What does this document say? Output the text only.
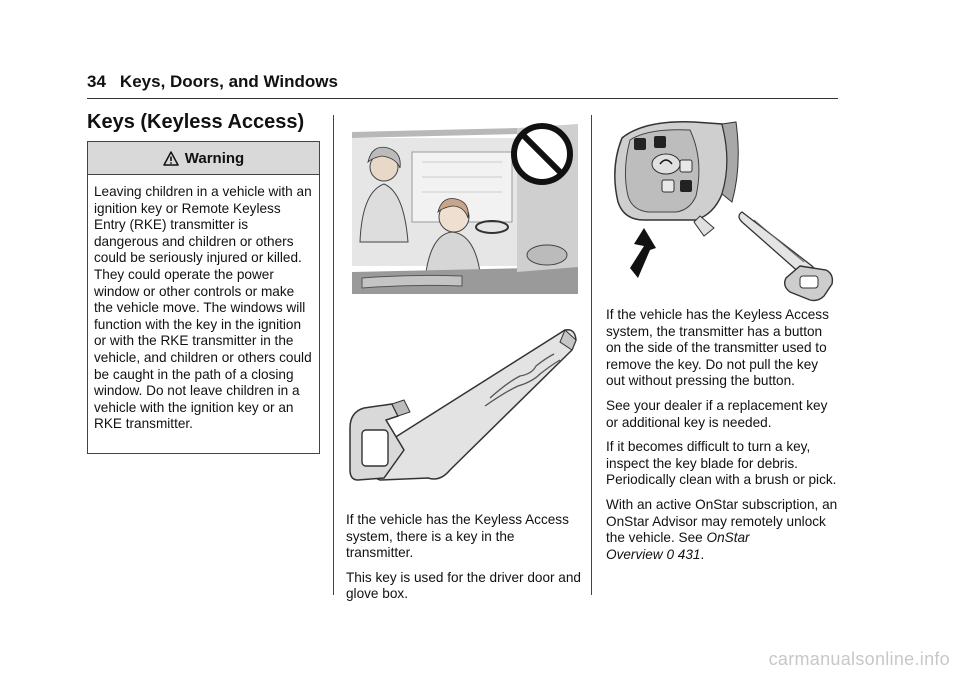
34 Keys, Doors, and Windows
Keys (Keyless Access)
Warning
Leaving children in a vehicle with an ignition key or Remote Keyless Entry (RKE) transmitter is dangerous and children or others could be seriously injured or killed. They could operate the power window or other controls or make the vehicle move. The windows will function with the key in the ignition or with the RKE transmitter in the vehicle, and children or others could be caught in the path of a closing window. Do not leave children in a vehicle with the ignition key or an RKE transmitter.

If the vehicle has the Keyless Access system, there is a key in the transmitter.

This key is used for the driver door and glove box.

If the vehicle has the Keyless Access system, the transmitter has a button on the side of the transmitter used to remove the key. Do not pull the key out without pressing the button.

See your dealer if a replacement key or additional key is needed.

If it becomes difficult to turn a key, inspect the key blade for debris. Periodically clean with a brush or pick.

With an active OnStar subscription, an OnStar Advisor may remotely unlock the vehicle. See OnStar Overview 0 431.

carmanualsonline.info
